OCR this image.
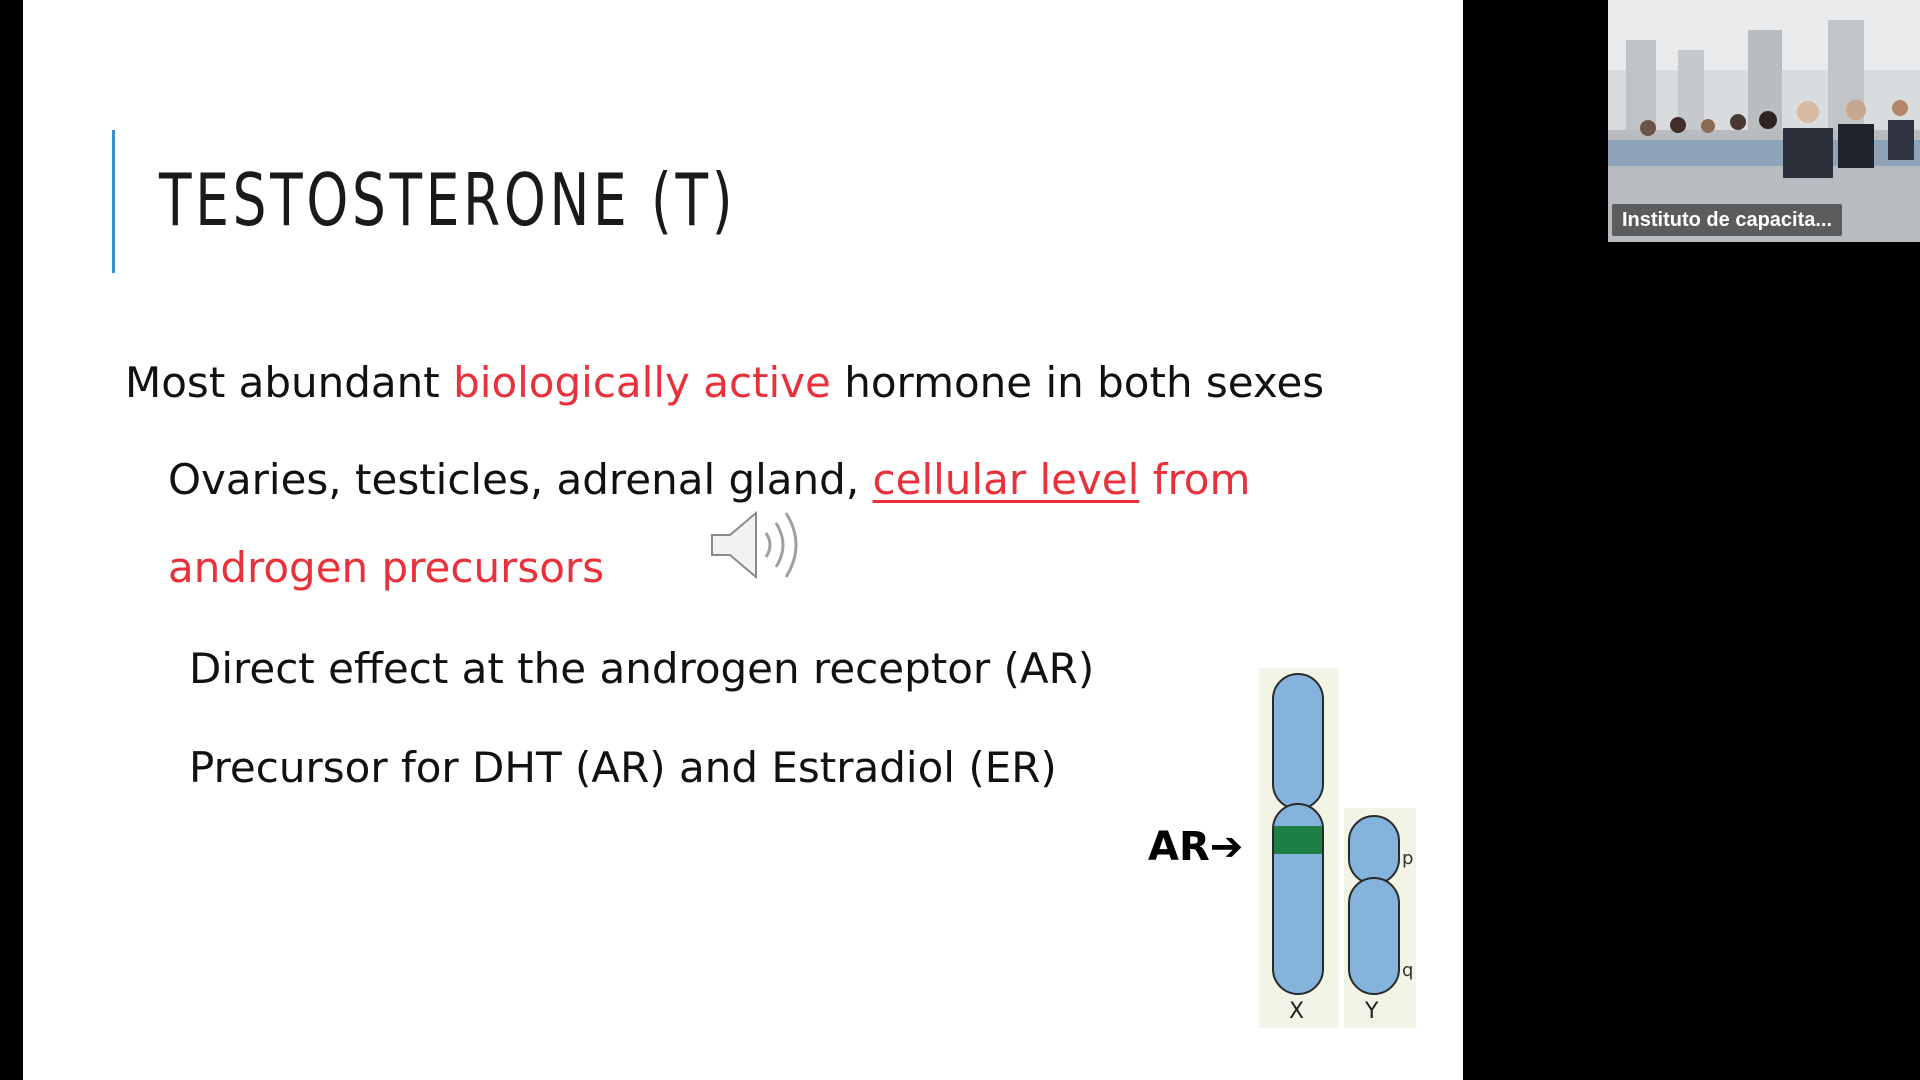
TESTOSTERONE (T)
Most abundant biologically active hormone in both sexes
Ovaries, testicles, adrenal gland, cellular level from
androgen precursors
Direct effect at the androgen receptor (AR)
Precursor for DHT (AR) and Estradiol (ER)
p
q
X	Y
AR➔
Instituto de capacita...
